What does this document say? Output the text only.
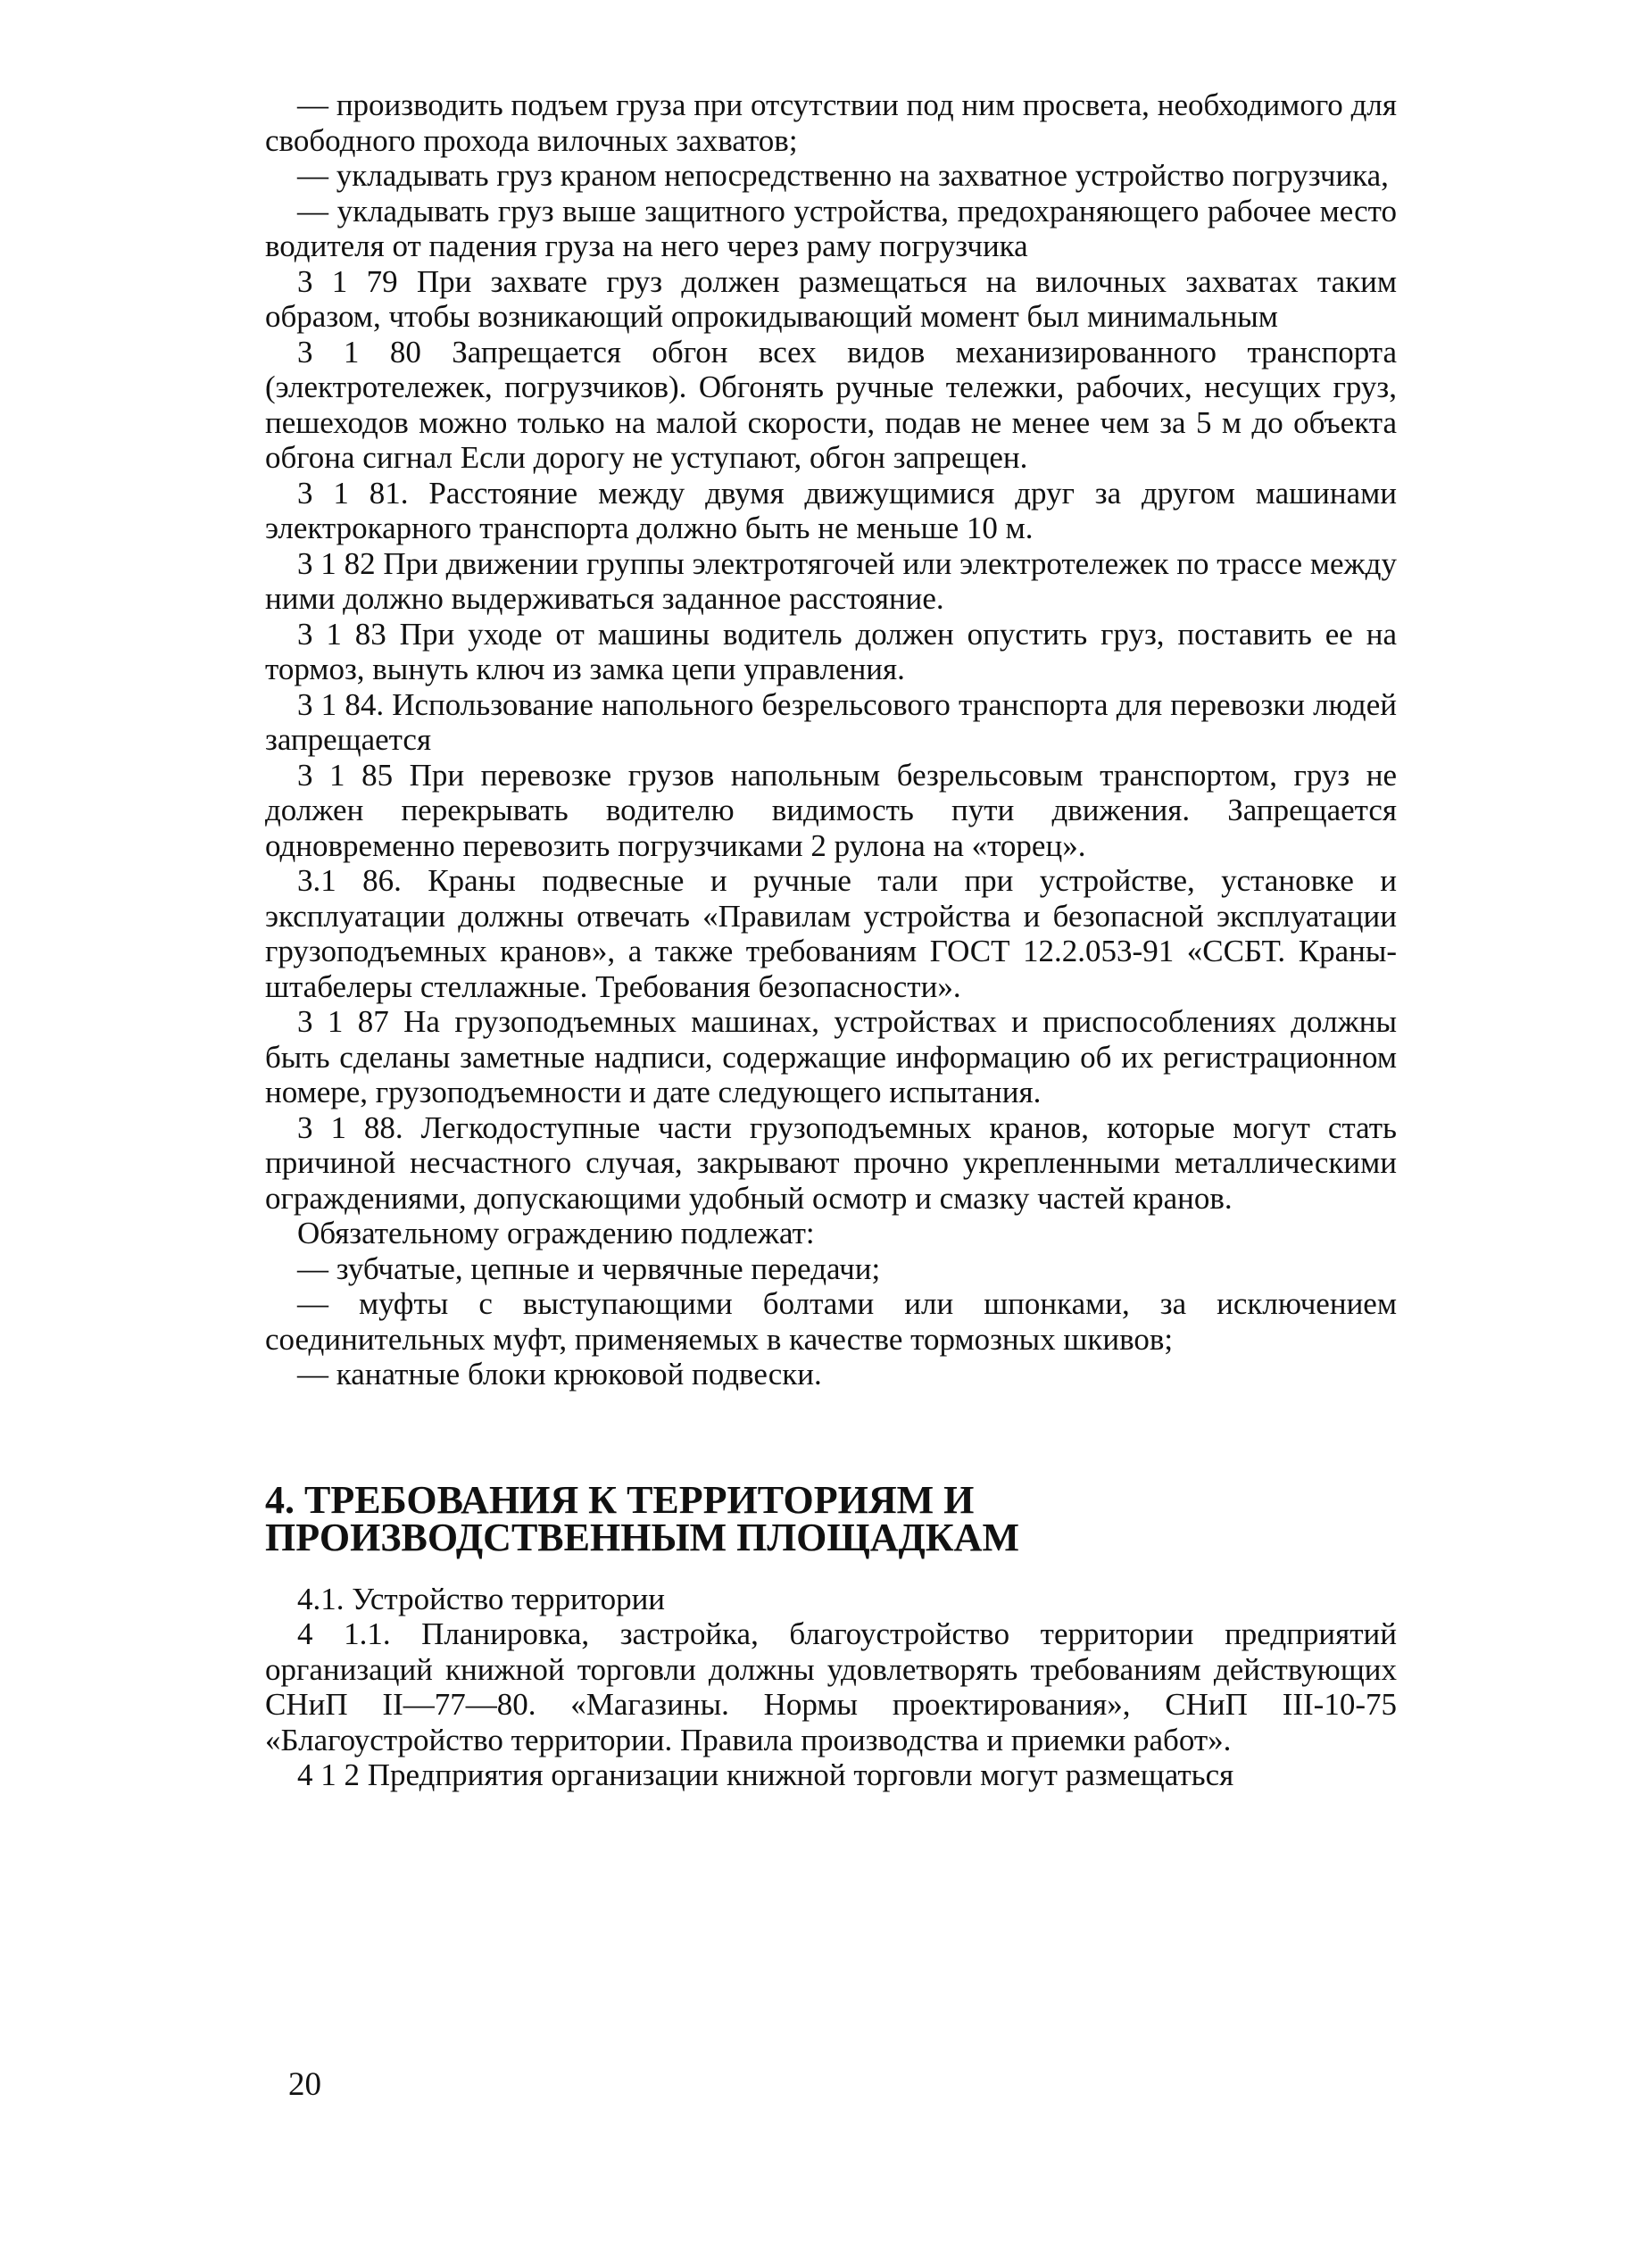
— производить подъем груза при отсутствии под ним просвета, необходимого для свободного прохода вилочных захватов;

— укладывать груз краном непосредственно на захватное устройство погрузчика,

— укладывать груз выше защитного устройства, предохраняющего рабочее место водителя от падения груза на него через раму погрузчика

3 1 79 При захвате груз должен размещаться на вилочных захватах таким образом, чтобы возникающий опрокидывающий момент был минимальным

3 1 80 Запрещается обгон всех видов механизированного транспорта (электротележек, погрузчиков). Обгонять ручные тележки, рабочих, несущих груз, пешеходов можно только на малой скорости, подав не менее чем за 5 м до объекта обгона сигнал Если дорогу не уступают, обгон запрещен.

3 1 81. Расстояние между двумя движущимися друг за другом машинами электрокарного транспорта должно быть не меньше 10 м.

3 1 82 При движении группы электротягочей или электротележек по трассе между ними должно выдерживаться заданное расстояние.

3 1 83 При уходе от машины водитель должен опустить груз, поставить ее на тормоз, вынуть ключ из замка цепи управления.

3 1 84. Использование напольного безрельсового транспорта для перевозки людей запрещается

3 1 85 При перевозке грузов напольным безрельсовым транспортом, груз не должен перекрывать водителю видимость пути движения. Запрещается одновременно перевозить погрузчиками 2 рулона на «торец».

3.1 86. Краны подвесные и ручные тали при устройстве, установке и эксплуатации должны отвечать «Правилам устройства и безопасной эксплуатации грузоподъемных кранов», а также требованиям ГОСТ 12.2.053-91 «ССБТ. Краны-штабелеры стеллажные. Требования безопасности».

3 1 87 На грузоподъемных машинах, устройствах и приспособлениях должны быть сделаны заметные надписи, содержащие информацию об их регистрационном номере, грузоподъемности и дате следующего испытания.

3 1 88. Легкодоступные части грузоподъемных кранов, которые могут стать причиной несчастного случая, закрывают прочно укрепленными металлическими ограждениями, допускающими удобный осмотр и смазку частей кранов.

Обязательному ограждению подлежат:

— зубчатые, цепные и червячные передачи;

— муфты с выступающими болтами или шпонками, за исключением соединительных муфт, применяемых в качестве тормозных шкивов;

— канатные блоки крюковой подвески.

4. ТРЕБОВАНИЯ К ТЕРРИТОРИЯМ И ПРОИЗВОДСТВЕННЫМ ПЛОЩАДКАМ

4.1. Устройство территории

4 1.1. Планировка, застройка, благоустройство территории предприятий организаций книжной торговли должны удовлетворять требованиям действующих СНиП II—77—80. «Магазины. Нормы проектирования», СНиП III-10-75 «Благоустройство территории. Правила производства и приемки работ».

4 1 2 Предприятия организации книжной торговли могут размещаться

20
